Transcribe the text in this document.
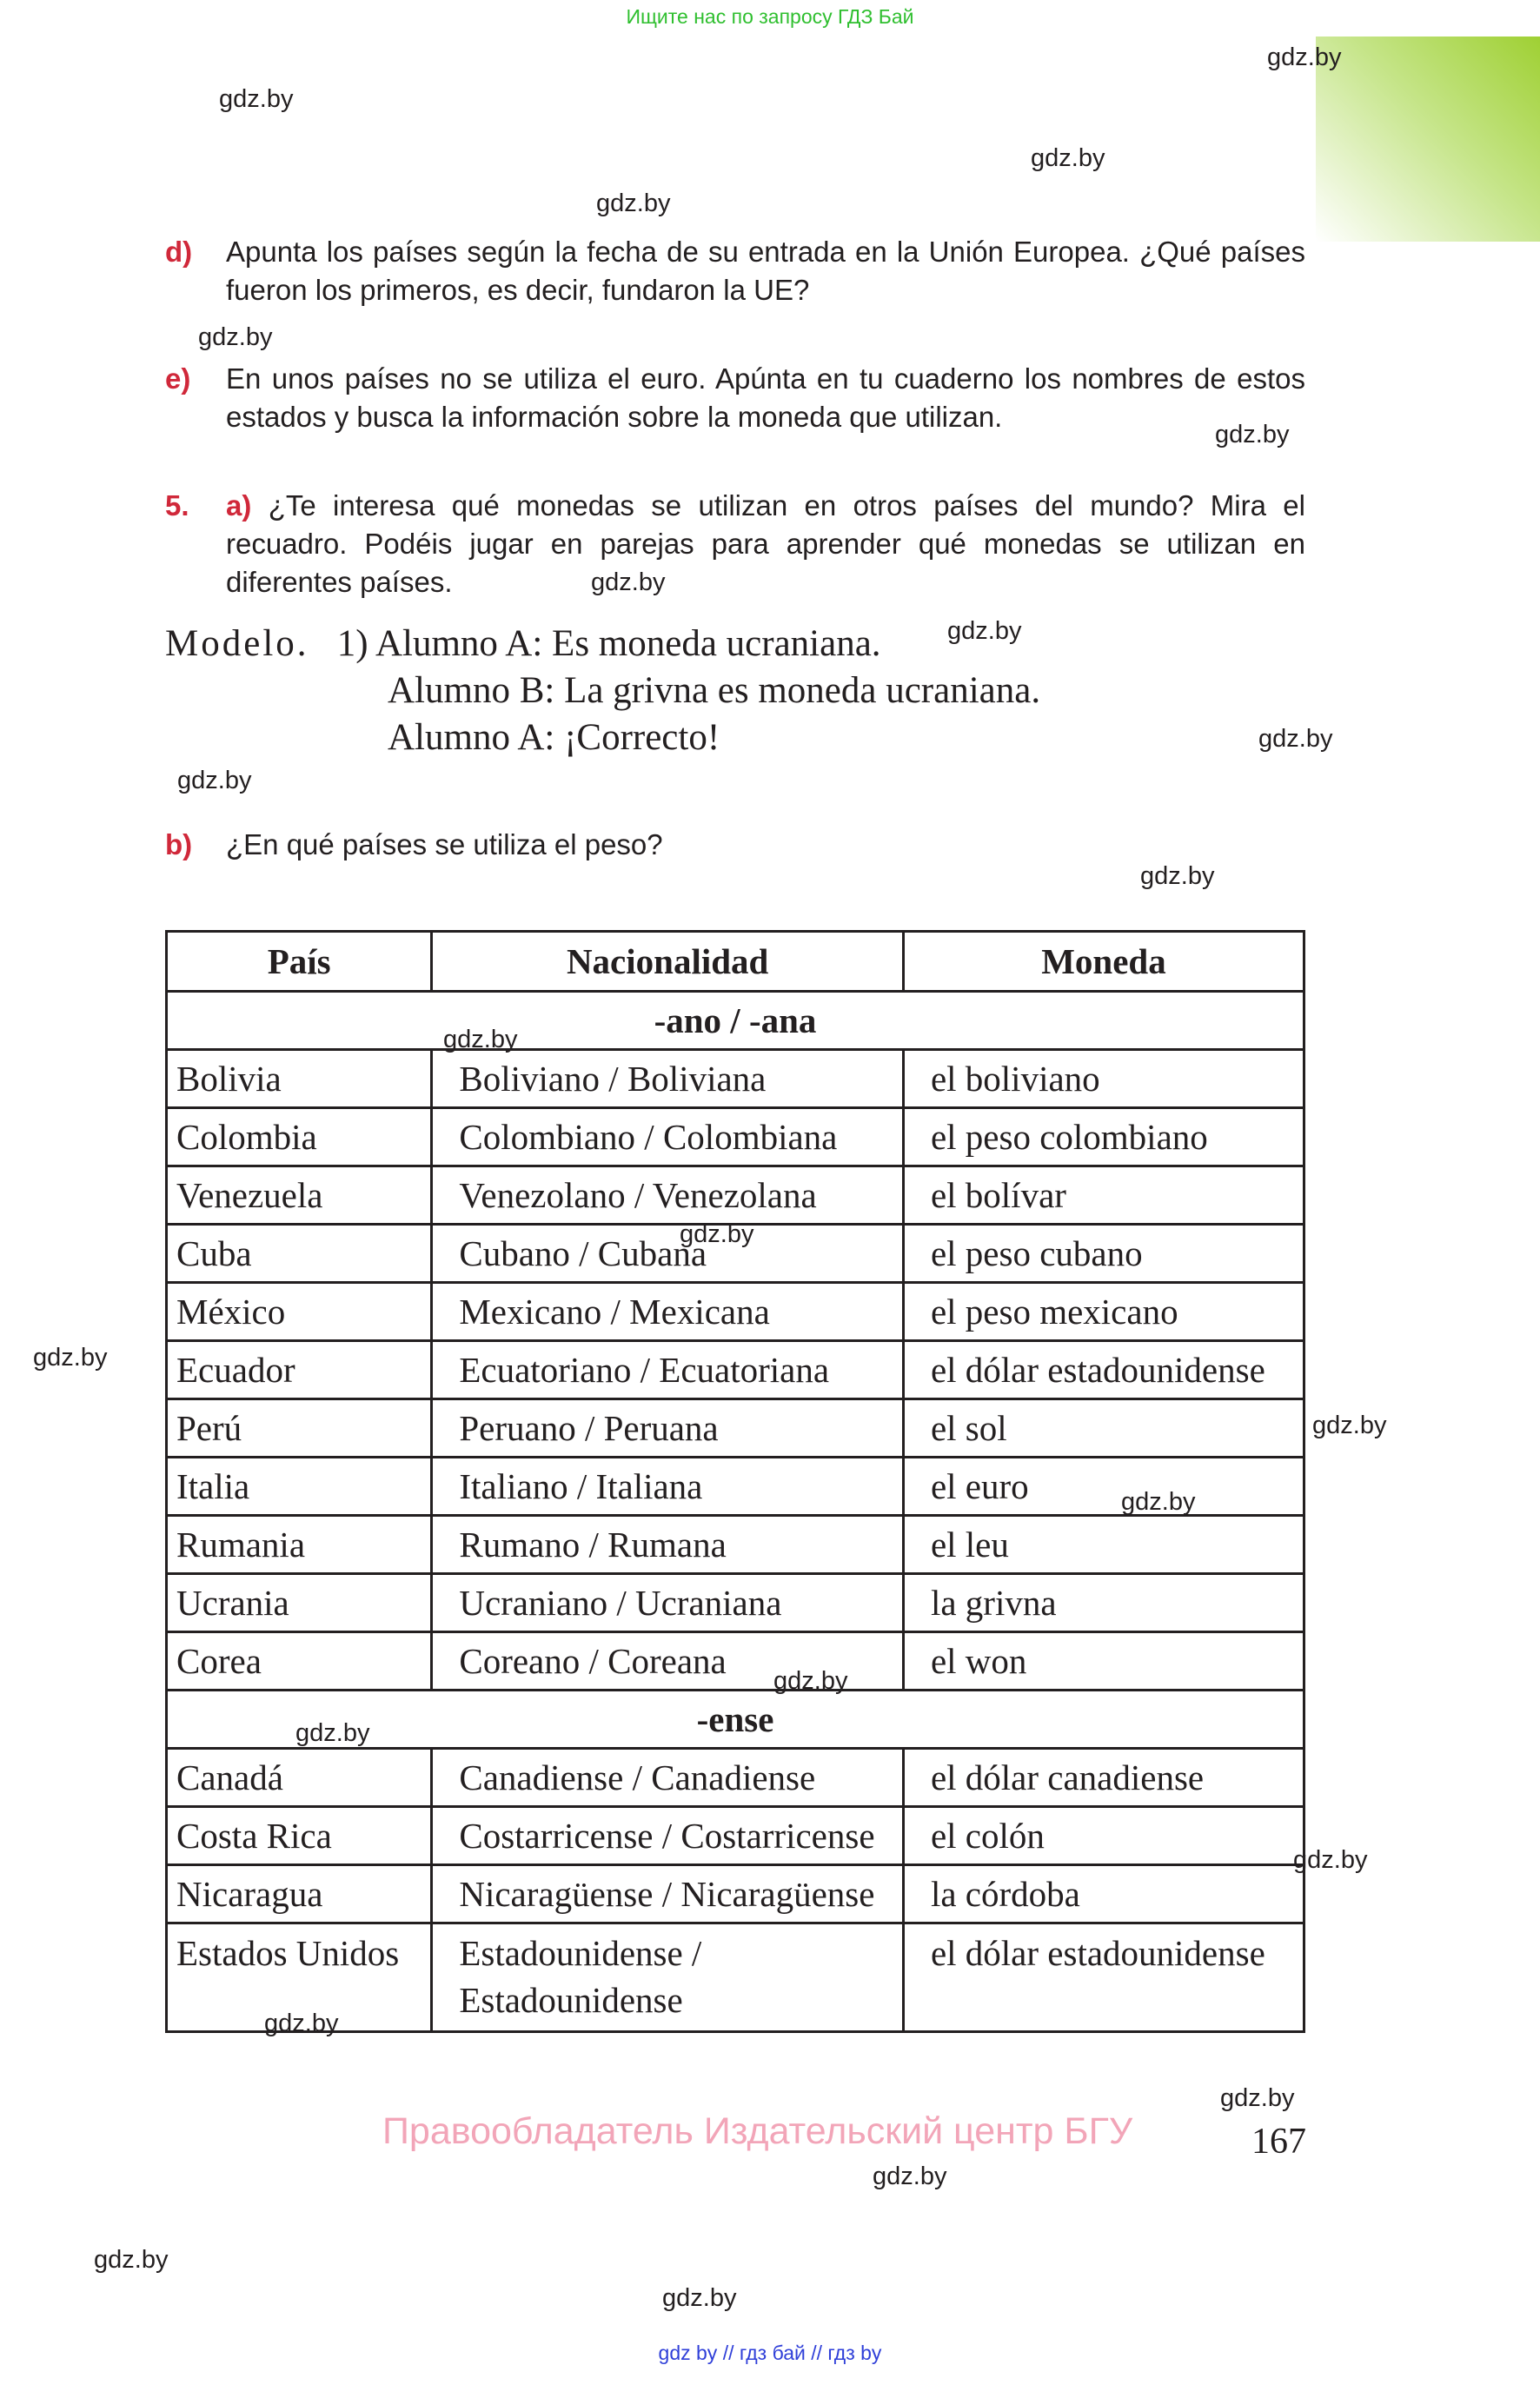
Ищите нас по запросу ГДЗ Бай
gdz.by
gdz.by
gdz.by
gdz.by
gdz.by
gdz.by
gdz.by
gdz.by
gdz.by
gdz.by
gdz.by
d)	Apunta los países según la fecha de su entrada en la Unión Europea. ¿Qué países fueron los primeros, es decir, fundaron la UE?
e)	En unos países no se utiliza el euro. Apúnta en tu cuaderno los nombres de estos estados y busca la información sobre la moneda que utilizan.
5.	a) ¿Te interesa qué monedas se utilizan en otros países del mundo? Mira el recuadro. Podéis jugar en parejas para aprender qué monedas se utilizan en diferentes países.
Modelo. 1) Alumno A: Es moneda ucraniana.
Alumno B: La grivna es moneda ucraniana.
Alumno A: ¡Correcto!
b)	¿En qué países se utiliza el peso?
País	Nacionalidad	Moneda
-ano / -ana		
Bolivia	Boliviano / Boliviana	el boliviano
Colombia	Colombiano / Colombiana	el peso colombiano
Venezuela	Venezolano / Venezolana	el bolívar
Cuba	Cubano / Cubana	el peso cubano
México	Mexicano / Mexicana	el peso mexicano
Ecuador	Ecuatoriano / Ecuatoriana	el dólar estadounidense
Perú	Peruano / Peruana	el sol
Italia	Italiano / Italiana	el euro
Rumania	Rumano / Rumana	el leu
Ucrania	Ucraniano / Ucraniana	la grivna
Corea	Coreano / Coreana	el won
-ense		
Canadá	Canadiense / Canadiense	el dólar canadiense
Costa Rica	Costarricense / Costarricense	el colón
Nicaragua	Nicaragüense / Nicaragüense	la córdoba
Estados Unidos	Estadounidense / Estadounidense	el dólar estadounidense
gdz.by
gdz.by
gdz.by
gdz.by
gdz.by
gdz.by
gdz.by
gdz.by
gdz.by
gdz.by
gdz.by
gdz.by
gdz.by
Правообладатель Издательский центр БГУ	167
gdz by // гдз бай // гдз by
